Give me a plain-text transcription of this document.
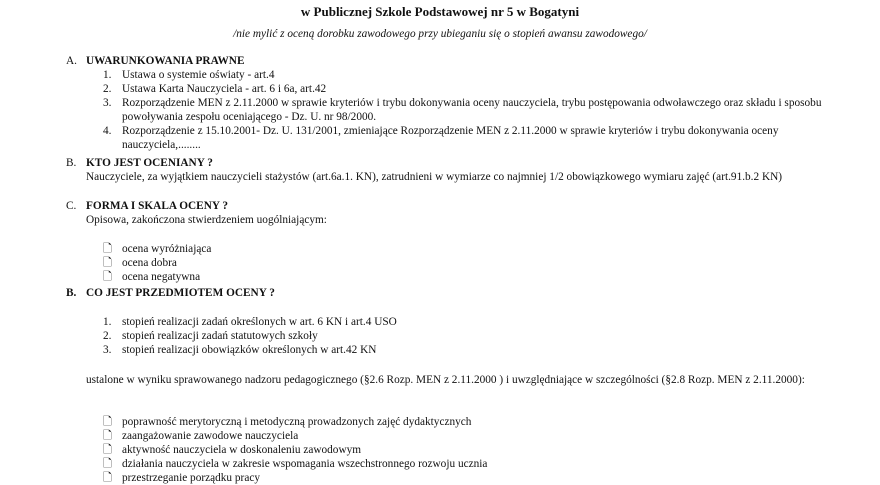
w Publicznej Szkole Podstawowej nr 5 w Bogatyni
/nie mylić z oceną dorobku zawodowego przy ubieganiu się o stopień awansu zawodowego/
A. UWARUNKOWANIA PRAWNE
1. Ustawa o systemie oświaty - art.4
2. Ustawa Karta Nauczyciela - art. 6 i 6a, art.42
3. Rozporządzenie MEN z 2.11.2000 w sprawie kryteriów i trybu dokonywania oceny nauczyciela, trybu postępowania odwoławczego oraz składu i sposobu powoływania zespołu oceniającego - Dz. U. nr 98/2000.
4. Rozporządzenie z 15.10.2001- Dz. U. 131/2001, zmieniające Rozporządzenie MEN z 2.11.2000 w sprawie kryteriów i trybu dokonywania oceny nauczyciela,........
B. KTO JEST OCENIANY ?
Nauczyciele, za wyjątkiem nauczycieli stażystów (art.6a.1. KN), zatrudnieni w wymiarze co najmniej 1/2 obowiązkowego wymiaru zajęć (art.91.b.2 KN)
C. FORMA I SKALA OCENY ?
Opisowa, zakończona stwierdzeniem uogólniającym:
🗋 ocena wyróżniająca
🗋 ocena dobra
🗋 ocena negatywna
B. CO JEST PRZEDMIOTEM OCENY ?
1. stopień realizacji zadań określonych w art. 6 KN i art.4 USO
2. stopień realizacji zadań statutowych szkoły
3. stopień realizacji obowiązków określonych w art.42 KN
ustalone w wyniku sprawowanego nadzoru pedagogicznego (§2.6 Rozp. MEN z 2.11.2000 ) i uwzględniające w szczególności (§2.8 Rozp. MEN z 2.11.2000):
🗋 poprawność merytoryczną i metodyczną prowadzonych zajęć dydaktycznych
🗋 zaangażowanie zawodowe nauczyciela
🗋 aktywność nauczyciela w doskonaleniu zawodowym
🗋 działania nauczyciela w zakresie wspomagania wszechstronnego rozwoju ucznia
🗋 przestrzeganie porządku pracy
